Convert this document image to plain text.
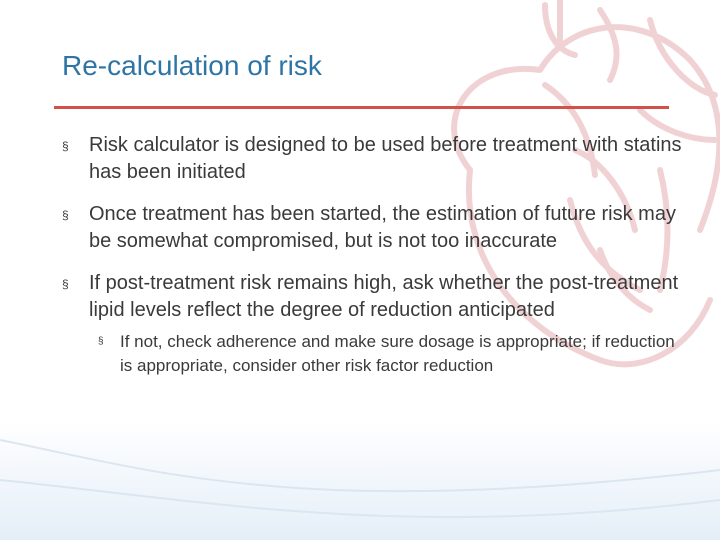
Re-calculation of risk

§ Risk calculator is designed to be used before treatment with statins has been initiated

§ Once treatment has been started, the estimation of future risk may be somewhat compromised, but is not too inaccurate

§ If post-treatment risk remains high, ask whether the post-treatment lipid levels reflect the degree of reduction anticipated

§ If not, check adherence and make sure dosage is appropriate; if reduction is appropriate, consider other risk factor reduction
